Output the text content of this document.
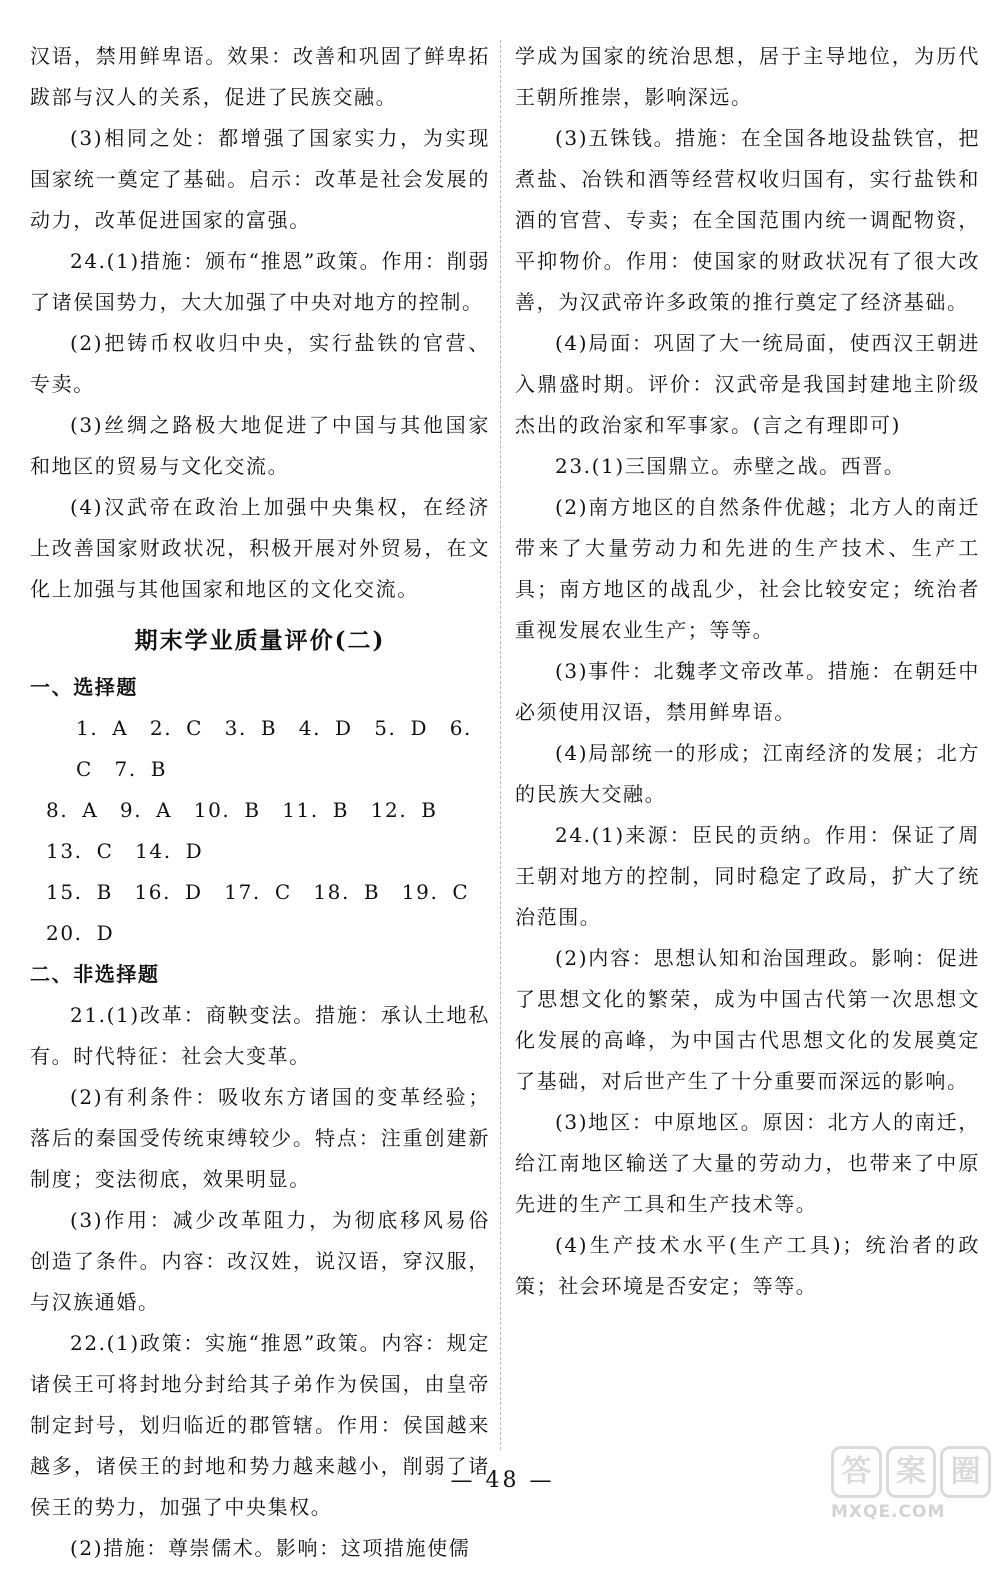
汉语，禁用鲜卑语。效果：改善和巩固了鲜卑拓跋部与汉人的关系，促进了民族交融。

(3)相同之处：都增强了国家实力，为实现国家统一奠定了基础。启示：改革是社会发展的动力，改革促进国家的富强。

24.(1)措施：颁布“推恩”政策。作用：削弱了诸侯国势力，大大加强了中央对地方的控制。

(2)把铸币权收归中央，实行盐铁的官营、专卖。

(3)丝绸之路极大地促进了中国与其他国家和地区的贸易与文化交流。

(4)汉武帝在政治上加强中央集权，在经济上改善国家财政状况，积极开展对外贸易，在文化上加强与其他国家和地区的文化交流。

期末学业质量评价(二)

一、选择题

1. A　2. C　3. B　4. D　5. D　6. C　7. B

8. A　9. A　10. B　11. B　12. B　13. C　14. D

15. B　16. D　17. C　18. B　19. C　20. D

二、非选择题

21.(1)改革：商鞅变法。措施：承认土地私有。时代特征：社会大变革。

(2)有利条件：吸收东方诸国的变革经验；落后的秦国受传统束缚较少。特点：注重创建新制度；变法彻底，效果明显。

(3)作用：减少改革阻力，为彻底移风易俗创造了条件。内容：改汉姓，说汉语，穿汉服，与汉族通婚。

22.(1)政策：实施“推恩”政策。内容：规定诸侯王可将封地分封给其子弟作为侯国，由皇帝制定封号，划归临近的郡管辖。作用：侯国越来越多，诸侯王的封地和势力越来越小，削弱了诸侯王的势力，加强了中央集权。

(2)措施：尊崇儒术。影响：这项措施使儒

学成为国家的统治思想，居于主导地位，为历代王朝所推崇，影响深远。

(3)五铢钱。措施：在全国各地设盐铁官，把煮盐、冶铁和酒等经营权收归国有，实行盐铁和酒的官营、专卖；在全国范围内统一调配物资，平抑物价。作用：使国家的财政状况有了很大改善，为汉武帝许多政策的推行奠定了经济基础。

(4)局面：巩固了大一统局面，使西汉王朝进入鼎盛时期。评价：汉武帝是我国封建地主阶级杰出的政治家和军事家。(言之有理即可)

23.(1)三国鼎立。赤壁之战。西晋。

(2)南方地区的自然条件优越；北方人的南迁带来了大量劳动力和先进的生产技术、生产工具；南方地区的战乱少，社会比较安定；统治者重视发展农业生产；等等。

(3)事件：北魏孝文帝改革。措施：在朝廷中必须使用汉语，禁用鲜卑语。

(4)局部统一的形成；江南经济的发展；北方的民族大交融。

24.(1)来源：臣民的贡纳。作用：保证了周王朝对地方的控制，同时稳定了政局，扩大了统治范围。

(2)内容：思想认知和治国理政。影响：促进了思想文化的繁荣，成为中国古代第一次思想文化发展的高峰，为中国古代思想文化的发展奠定了基础，对后世产生了十分重要而深远的影响。

(3)地区：中原地区。原因：北方人的南迁，给江南地区输送了大量的劳动力，也带来了中原先进的生产工具和生产技术等。

(4)生产技术水平(生产工具)；统治者的政策；社会环境是否安定；等等。

— 48 —	答 案 圈
MXQE.COM
